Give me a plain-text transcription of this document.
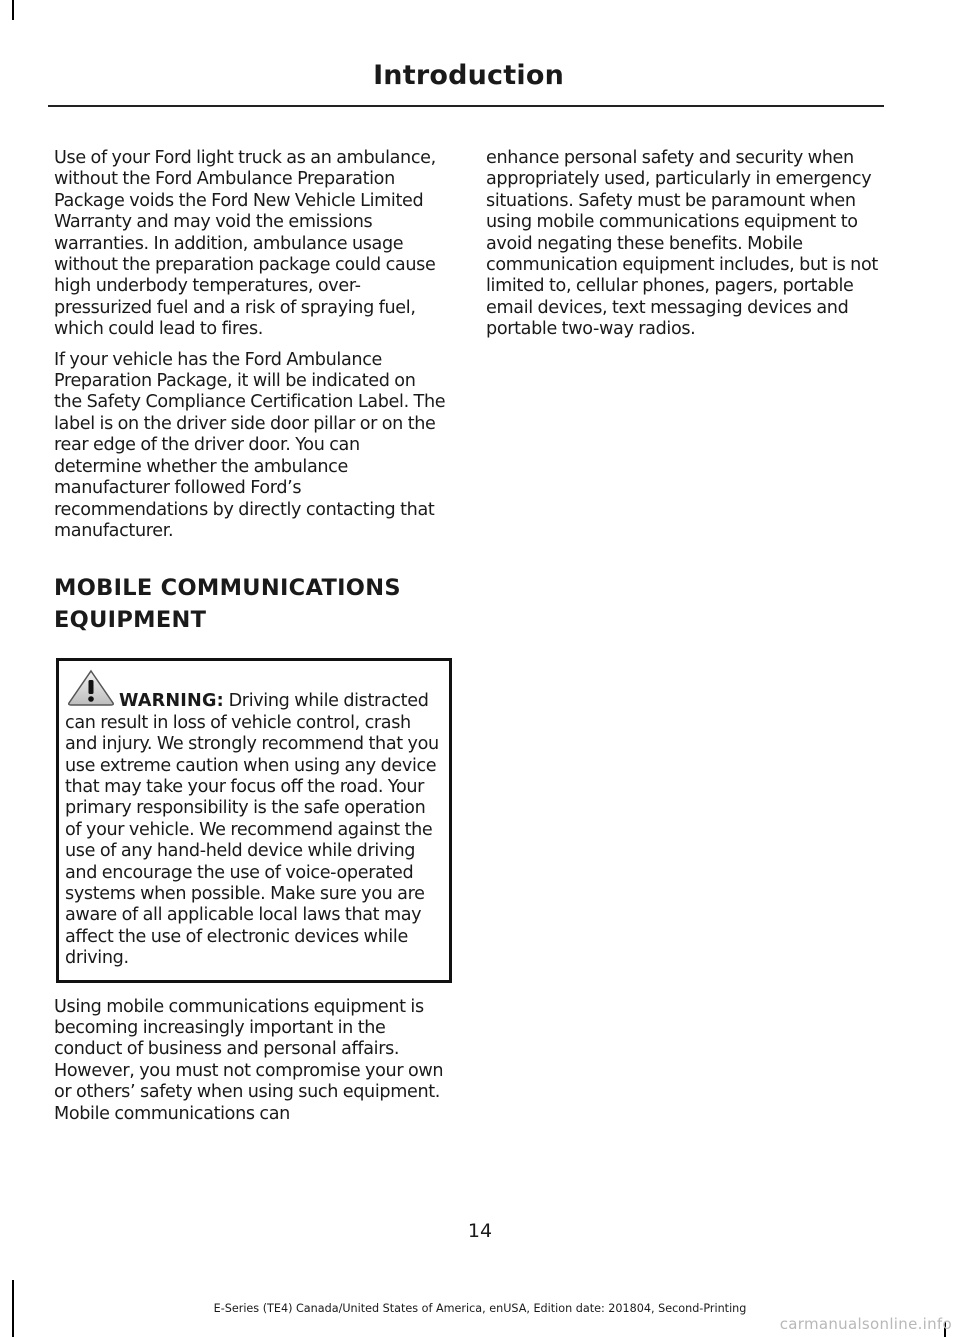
Introduction

Use of your Ford light truck as an ambulance, without the Ford Ambulance Preparation Package voids the Ford New Vehicle Limited Warranty and may void the emissions warranties. In addition, ambulance usage without the preparation package could cause high underbody temperatures, over-pressurized fuel and a risk of spraying fuel, which could lead to fires.

If your vehicle has the Ford Ambulance Preparation Package, it will be indicated on the Safety Compliance Certification Label. The label is on the driver side door pillar or on the rear edge of the driver door. You can determine whether the ambulance manufacturer followed Ford’s recommendations by directly contacting that manufacturer.

MOBILE COMMUNICATIONS
EQUIPMENT

WARNING: Driving while distracted can result in loss of vehicle control, crash and injury. We strongly recommend that you use extreme caution when using any device that may take your focus off the road. Your primary responsibility is the safe operation of your vehicle. We recommend against the use of any hand-held device while driving and encourage the use of voice-operated systems when possible. Make sure you are aware of all applicable local laws that may affect the use of electronic devices while driving.

Using mobile communications equipment is becoming increasingly important in the conduct of business and personal affairs. However, you must not compromise your own or others’ safety when using such equipment. Mobile communications can

enhance personal safety and security when appropriately used, particularly in emergency situations. Safety must be paramount when using mobile communications equipment to avoid negating these benefits. Mobile communication equipment includes, but is not limited to, cellular phones, pagers, portable email devices, text messaging devices and portable two-way radios.

14
E-Series (TE4) Canada/United States of America, enUSA, Edition date: 201804, Second-Printing
carmanualsonline.info
